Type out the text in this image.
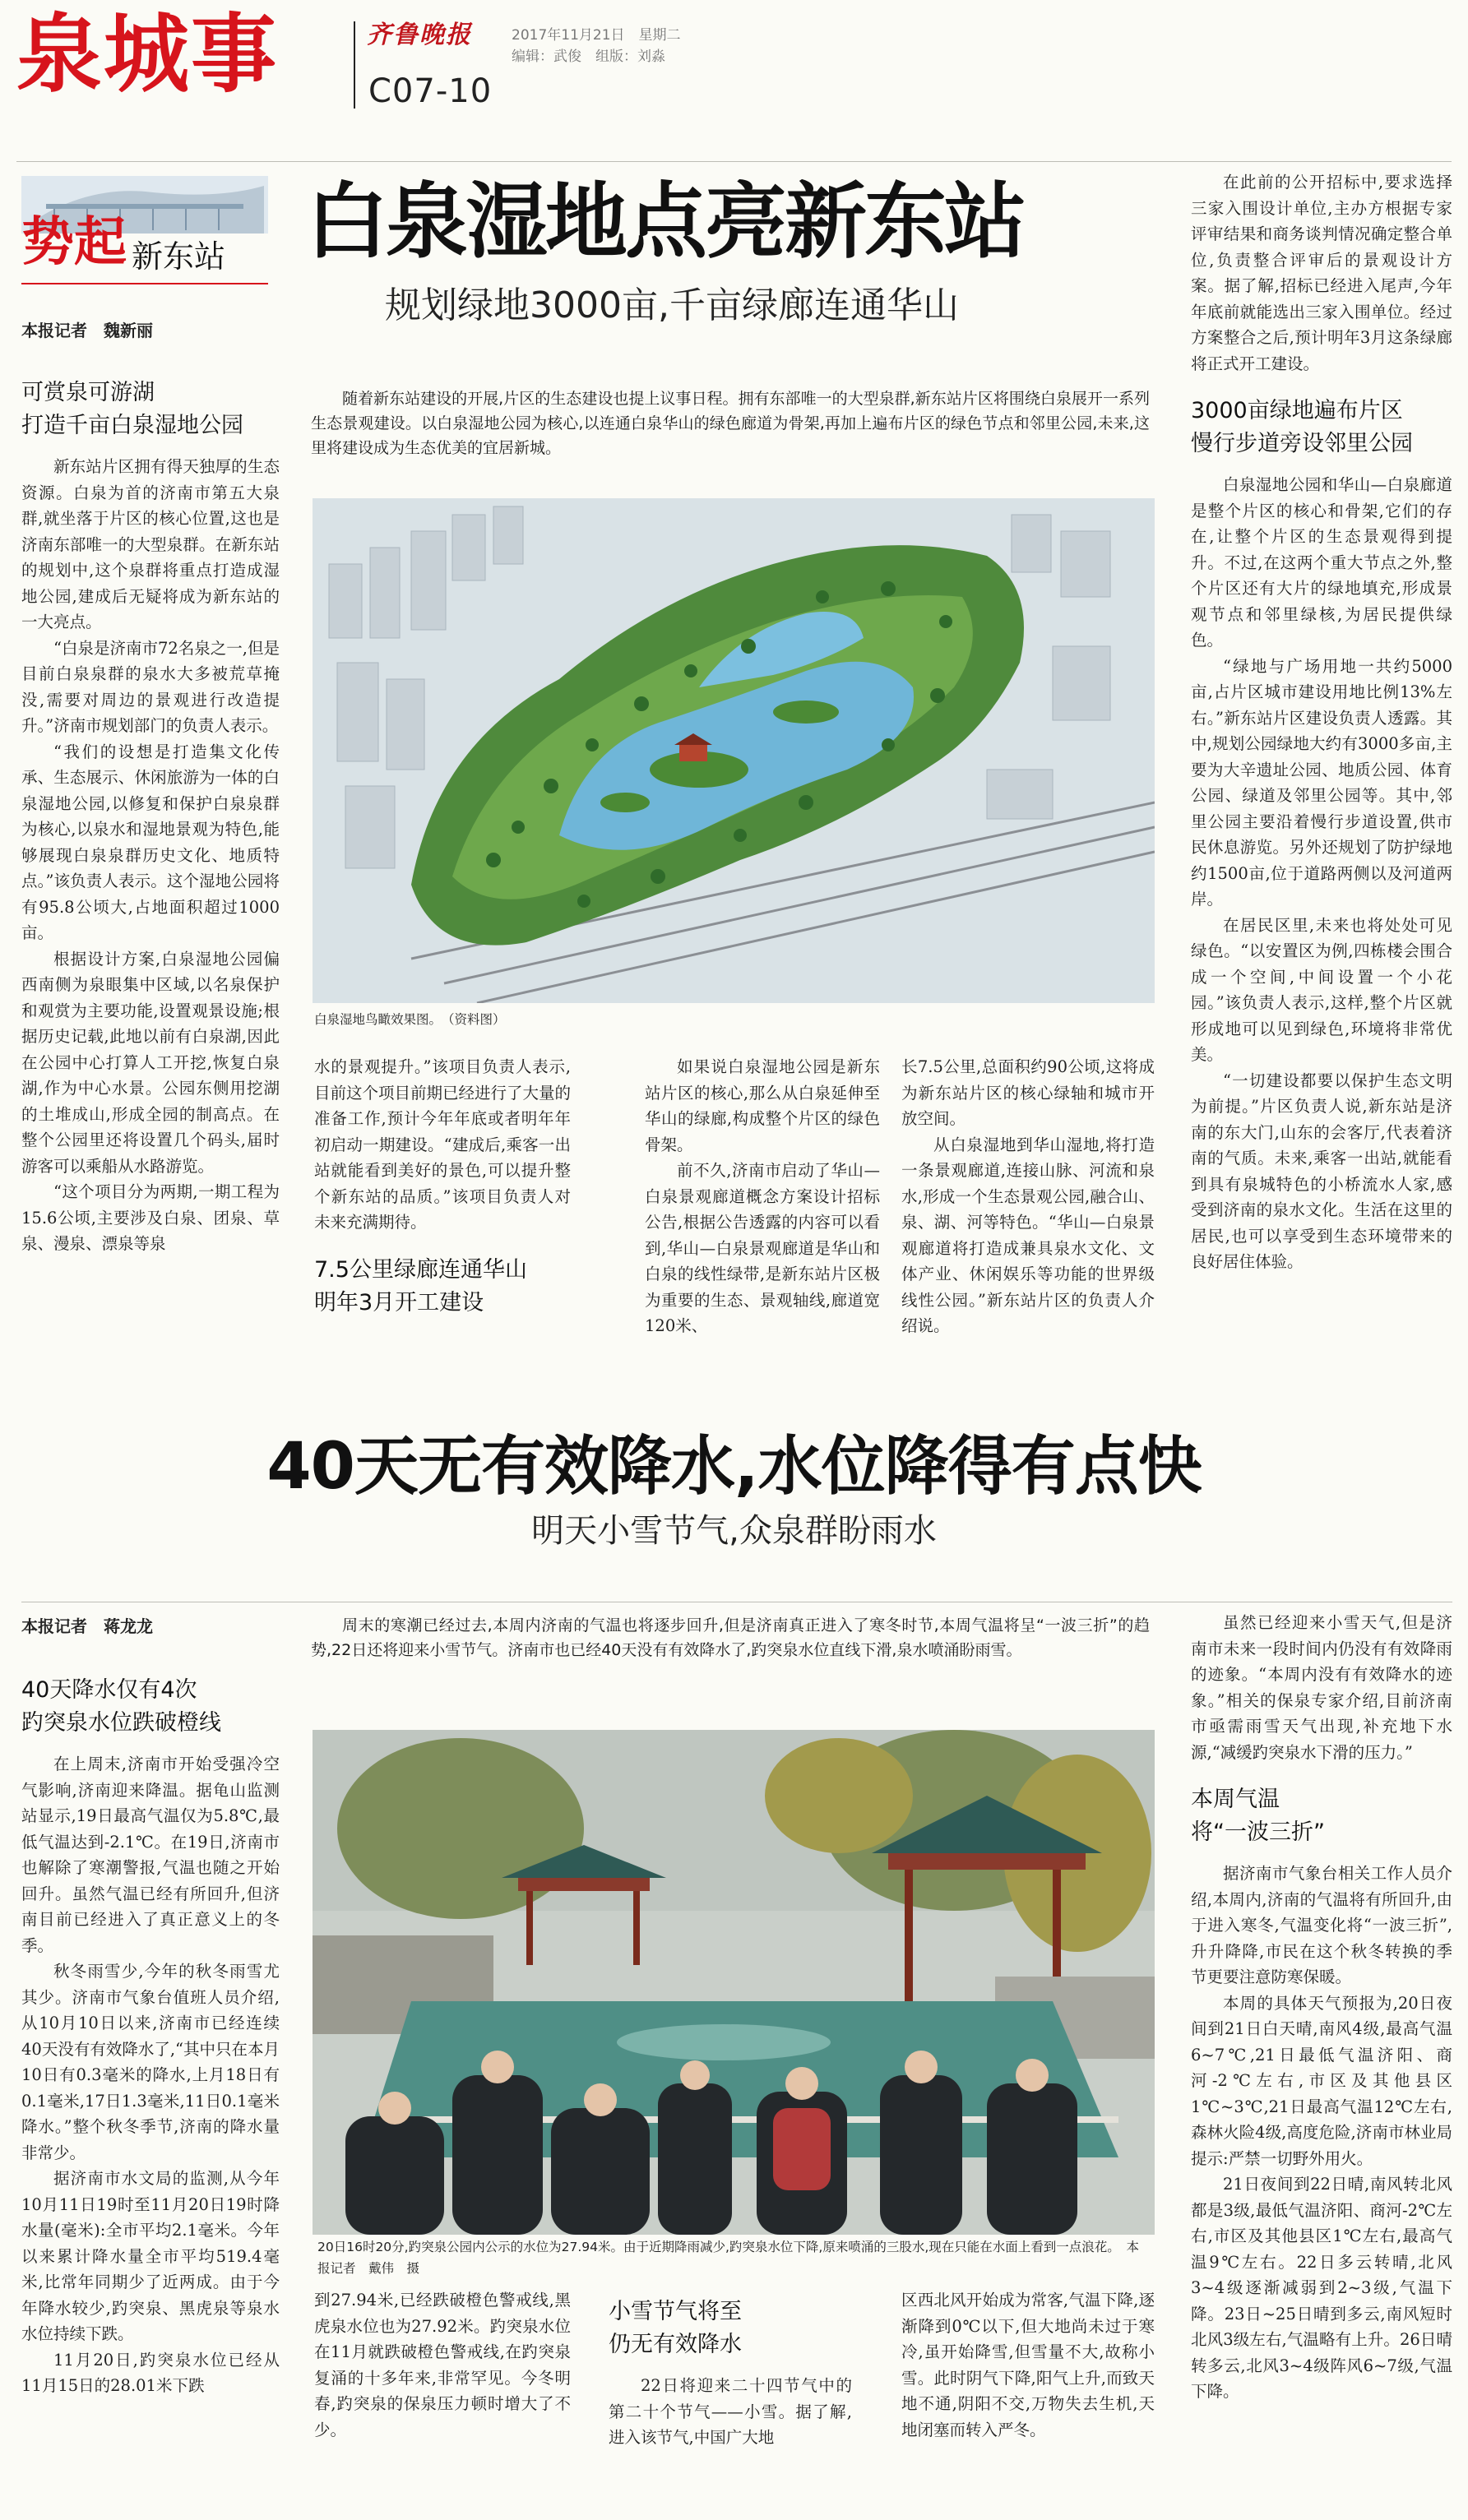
泉城事	齐鲁晚报	2017年11月21日　星期二
编辑：武俊　组版：刘淼
C07-10
势起 新东站
本报记者　魏新丽
白泉湿地点亮新东站
规划绿地3000亩,千亩绿廊连通华山
可赏泉可游湖
打造千亩白泉湿地公园

新东站片区拥有得天独厚的生态资源。白泉为首的济南市第五大泉群,就坐落于片区的核心位置,这也是济南东部唯一的大型泉群。在新东站的规划中,这个泉群将重点打造成湿地公园,建成后无疑将成为新东站的一大亮点。

“白泉是济南市72名泉之一,但是目前白泉泉群的泉水大多被荒草掩没,需要对周边的景观进行改造提升。”济南市规划部门的负责人表示。

“我们的设想是打造集文化传承、生态展示、休闲旅游为一体的白泉湿地公园,以修复和保护白泉泉群为核心,以泉水和湿地景观为特色,能够展现白泉泉群历史文化、地质特点。”该负责人表示。这个湿地公园将有95.8公顷大,占地面积超过1000亩。

根据设计方案,白泉湿地公园偏西南侧为泉眼集中区域,以名泉保护和观赏为主要功能,设置观景设施;根据历史记载,此地以前有白泉湖,因此在公园中心打算人工开挖,恢复白泉湖,作为中心水景。公园东侧用挖湖的土堆成山,形成全园的制高点。在整个公园里还将设置几个码头,届时游客可以乘船从水路游览。

“这个项目分为两期,一期工程为15.6公顷,主要涉及白泉、团泉、草泉、漫泉、漂泉等泉

随着新东站建设的开展,片区的生态建设也提上议事日程。拥有东部唯一的大型泉群,新东站片区将围绕白泉展开一系列生态景观建设。以白泉湿地公园为核心,以连通白泉华山的绿色廊道为骨架,再加上遍布片区的绿色节点和邻里公园,未来,这里将建设成为生态优美的宜居新城。

白泉湿地鸟瞰效果图。　（资料图）

水的景观提升。”该项目负责人表示,目前这个项目前期已经进行了大量的准备工作,预计今年年底或者明年年初启动一期建设。“建成后,乘客一出站就能看到美好的景色,可以提升整个新东站的品质。”该项目负责人对未来充满期待。

7.5公里绿廊连通华山
明年3月开工建设

如果说白泉湿地公园是新东站片区的核心,那么从白泉延伸至华山的绿廊,构成整个片区的绿色骨架。

前不久,济南市启动了华山—白泉景观廊道概念方案设计招标公告,根据公告透露的内容可以看到,华山—白泉景观廊道是华山和白泉的线性绿带,是新东站片区极为重要的生态、景观轴线,廊道宽120米、

长7.5公里,总面积约90公顷,这将成为新东站片区的核心绿轴和城市开放空间。

从白泉湿地到华山湿地,将打造一条景观廊道,连接山脉、河流和泉水,形成一个生态景观公园,融合山、泉、湖、河等特色。“华山—白泉景观廊道将打造成兼具泉水文化、文体产业、休闲娱乐等功能的世界级线性公园。”新东站片区的负责人介绍说。

在此前的公开招标中,要求选择三家入围设计单位,主办方根据专家评审结果和商务谈判情况确定整合单位,负责整合评审后的景观设计方案。据了解,招标已经进入尾声,今年年底前就能选出三家入围单位。经过方案整合之后,预计明年3月这条绿廊将正式开工建设。

3000亩绿地遍布片区
慢行步道旁设邻里公园

白泉湿地公园和华山—白泉廊道是整个片区的核心和骨架,它们的存在,让整个片区的生态景观得到提升。不过,在这两个重大节点之外,整个片区还有大片的绿地填充,形成景观节点和邻里绿核,为居民提供绿色。

“绿地与广场用地一共约5000亩,占片区城市建设用地比例13%左右。”新东站片区建设负责人透露。其中,规划公园绿地大约有3000多亩,主要为大辛遗址公园、地质公园、体育公园、绿道及邻里公园等。其中,邻里公园主要沿着慢行步道设置,供市民休息游览。另外还规划了防护绿地约1500亩,位于道路两侧以及河道两岸。

在居民区里,未来也将处处可见绿色。“以安置区为例,四栋楼会围合成一个空间,中间设置一个小花园。”该负责人表示,这样,整个片区就形成地可以见到绿色,环境将非常优美。

“一切建设都要以保护生态文明为前提。”片区负责人说,新东站是济南的东大门,山东的会客厅,代表着济南的气质。未来,乘客一出站,就能看到具有泉城特色的小桥流水人家,感受到济南的泉水文化。生活在这里的居民,也可以享受到生态环境带来的良好居住体验。

40天无有效降水,水位降得有点快
明天小雪节气,众泉群盼雨水
本报记者　蒋龙龙
40天降水仅有4次
趵突泉水位跌破橙线

在上周末,济南市开始受强冷空气影响,济南迎来降温。据龟山监测站显示,19日最高气温仅为5.8℃,最低气温达到-2.1℃。在19日,济南市也解除了寒潮警报,气温也随之开始回升。虽然气温已经有所回升,但济南目前已经进入了真正意义上的冬季。

秋冬雨雪少,今年的秋冬雨雪尤其少。济南市气象台值班人员介绍,从10月10日以来,济南市已经连续40天没有有效降水了,“其中只在本月10日有0.3毫米的降水,上月18日有0.1毫米,17日1.3毫米,11日0.1毫米降水。”整个秋冬季节,济南的降水量非常少。

据济南市水文局的监测,从今年10月11日19时至11月20日19时降水量(毫米):全市平均2.1毫米。今年以来累计降水量全市平均519.4毫米,比常年同期少了近两成。由于今年降水较少,趵突泉、黑虎泉等泉水水位持续下跌。

11月20日,趵突泉水位已经从11月15日的28.01米下跌

周末的寒潮已经过去,本周内济南的气温也将逐步回升,但是济南真正进入了寒冬时节,本周气温将呈“一波三折”的趋势,22日还将迎来小雪节气。济南市也已经40天没有有效降水了,趵突泉水位直线下滑,泉水喷涌盼雨雪。

20日16时20分,趵突泉公园内公示的水位为27.94米。由于近期降雨减少,趵突泉水位下降,原来喷涌的三股水,现在只能在水面上看到一点浪花。　本报记者　戴伟　摄

到27.94米,已经跌破橙色警戒线,黑虎泉水位也为27.92米。趵突泉水位在11月就跌破橙色警戒线,在趵突泉复涌的十多年来,非常罕见。今冬明春,趵突泉的保泉压力顿时增大了不少。

小雪节气将至
仍无有效降水

22日将迎来二十四节气中的第二十个节气——小雪。据了解,进入该节气,中国广大地

区西北风开始成为常客,气温下降,逐渐降到0℃以下,但大地尚未过于寒冷,虽开始降雪,但雪量不大,故称小雪。此时阴气下降,阳气上升,而致天地不通,阴阳不交,万物失去生机,天地闭塞而转入严冬。

虽然已经迎来小雪天气,但是济南市未来一段时间内仍没有有效降雨的迹象。“本周内没有有效降水的迹象。”相关的保泉专家介绍,目前济南市亟需雨雪天气出现,补充地下水源,“减缓趵突泉水下滑的压力。”

本周气温
将“一波三折”

据济南市气象台相关工作人员介绍,本周内,济南的气温将有所回升,由于进入寒冬,气温变化将“一波三折”,升升降降,市民在这个秋冬转换的季节更要注意防寒保暖。

本周的具体天气预报为,20日夜间到21日白天晴,南风4级,最高气温6~7℃,21日最低气温济阳、商河-2℃左右,市区及其他县区1℃~3℃,21日最高气温12℃左右,森林火险4级,高度危险,济南市林业局提示:严禁一切野外用火。

21日夜间到22日晴,南风转北风都是3级,最低气温济阳、商河-2℃左右,市区及其他县区1℃左右,最高气温9℃左右。22日多云转晴,北风3~4级逐渐减弱到2~3级,气温下降。23日~25日晴到多云,南风短时北风3级左右,气温略有上升。26日晴转多云,北风3~4级阵风6~7级,气温下降。
